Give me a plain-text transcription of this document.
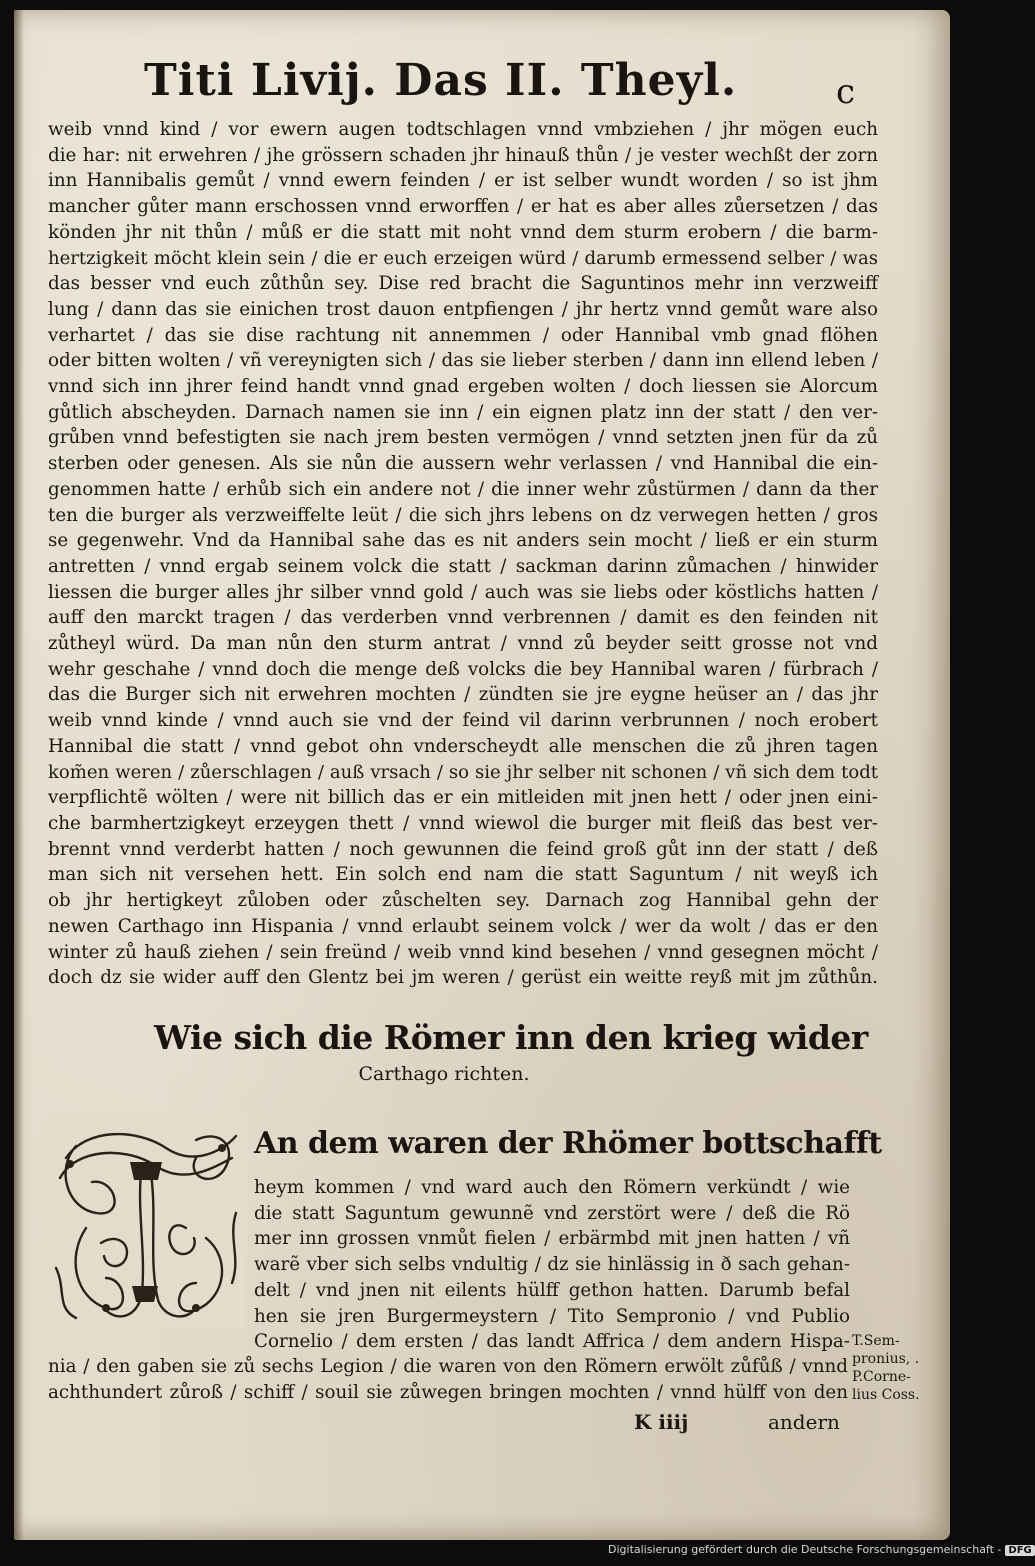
Titi Livij. Das II. Theyl.	c
weib vnnd kind / vor ewern augen todtschlagen vnnd vmbziehen / jhr mögen euch
die har: nit erwehren / jhe grössern schaden jhr hinauß thůn / je vester wechßt der zorn
inn Hannibalis gemůt / vnnd ewern feinden / er ist selber wundt worden / so ist jhm
mancher gůter mann erschossen vnnd erworffen / er hat es aber alles zůersetzen / das
könden jhr nit thůn / můß er die statt mit noht vnnd dem sturm erobern / die barm-
hertzigkeit möcht klein sein / die er euch erzeigen würd / darumb ermessend selber / was
das besser vnd euch zůthůn sey. Dise red bracht die Saguntinos mehr inn verzweiff
lung / dann das sie einichen trost dauon entpfiengen / jhr hertz vnnd gemůt ware also
verhartet / das sie dise rachtung nit annemmen / oder Hannibal vmb gnad flöhen
oder bitten wolten / vñ vereynigten sich / das sie lieber sterben / dann inn ellend leben /
vnnd sich inn jhrer feind handt vnnd gnad ergeben wolten / doch liessen sie Alorcum
gůtlich abscheyden. Darnach namen sie inn / ein eignen platz inn der statt / den ver-
grůben vnnd befestigten sie nach jrem besten vermögen / vnnd setzten jnen für da zů
sterben oder genesen. Als sie nůn die aussern wehr verlassen / vnd Hannibal die ein-
genommen hatte / erhůb sich ein andere not / die inner wehr zůstürmen / dann da ther
ten die burger als verzweiffelte leüt / die sich jhrs lebens on dz verwegen hetten / gros
se gegenwehr. Vnd da Hannibal sahe das es nit anders sein mocht / ließ er ein sturm
antretten / vnnd ergab seinem volck die statt / sackman darinn zůmachen / hinwider
liessen die burger alles jhr silber vnnd gold / auch was sie liebs oder köstlichs hatten /
auff den marckt tragen / das verderben vnnd verbrennen / damit es den feinden nit
zůtheyl würd. Da man nůn den sturm antrat / vnnd zů beyder seitt grosse not vnd
wehr geschahe / vnnd doch die menge deß volcks die bey Hannibal waren / fürbrach /
das die Burger sich nit erwehren mochten / zündten sie jre eygne heüser an / das jhr
weib vnnd kinde / vnnd auch sie vnd der feind vil darinn verbrunnen / noch erobert
Hannibal die statt / vnnd gebot ohn vnderscheydt alle menschen die zů jhren tagen
kom̃en weren / zůerschlagen / auß vrsach / so sie jhr selber nit schonen / vñ sich dem todt
verpflichtẽ wölten / were nit billich das er ein mitleiden mit jnen hett / oder jnen eini-
che barmhertzigkeyt erzeygen thett / vnnd wiewol die burger mit fleiß das best ver-
brennt vnnd verderbt hatten / noch gewunnen die feind groß gůt inn der statt / deß
man sich nit versehen hett. Ein solch end nam die statt Saguntum / nit weyß ich
ob jhr hertigkeyt zůloben oder zůschelten sey. Darnach zog Hannibal gehn der
newen Carthago inn Hispania / vnnd erlaubt seinem volck / wer da wolt / das er den
winter zů hauß ziehen / sein freünd / weib vnnd kind besehen / vnnd gesegnen möcht /
doch dz sie wider auff den Glentz bei jm weren / gerüst ein weitte reyß mit jm zůthůn.
Wie sich die Römer inn den krieg wider
Carthago richten.
An dem waren der Rhömer bottschafft
heym kommen / vnd ward auch den Römern verkündt / wie
die statt Saguntum gewunnẽ vnd zerstört were / deß die Rö
mer inn grossen vnmůt fielen / erbärmbd mit jnen hatten / vñ
warẽ vber sich selbs vndultig / dz sie hinlässig in ð sach gehan-
delt / vnd jnen nit eilents hülff gethon hatten. Darumb befal
hen sie jren Burgermeystern / Tito Sempronio / vnd Publio
Cornelio / dem ersten / das landt Affrica / dem andern Hispa-
nia / den gaben sie zů sechs Legion / die waren von den Römern erwölt zůfůß / vnnd
achthundert zůroß / schiff / souil sie zůwegen bringen mochten / vnnd hülff von den
T.Sem-
pronius, .
P.Corne-
lius Coss.
K iiij	andern
Digitalisierung gefördert durch die Deutsche Forschungsgemeinschaft - DFG
